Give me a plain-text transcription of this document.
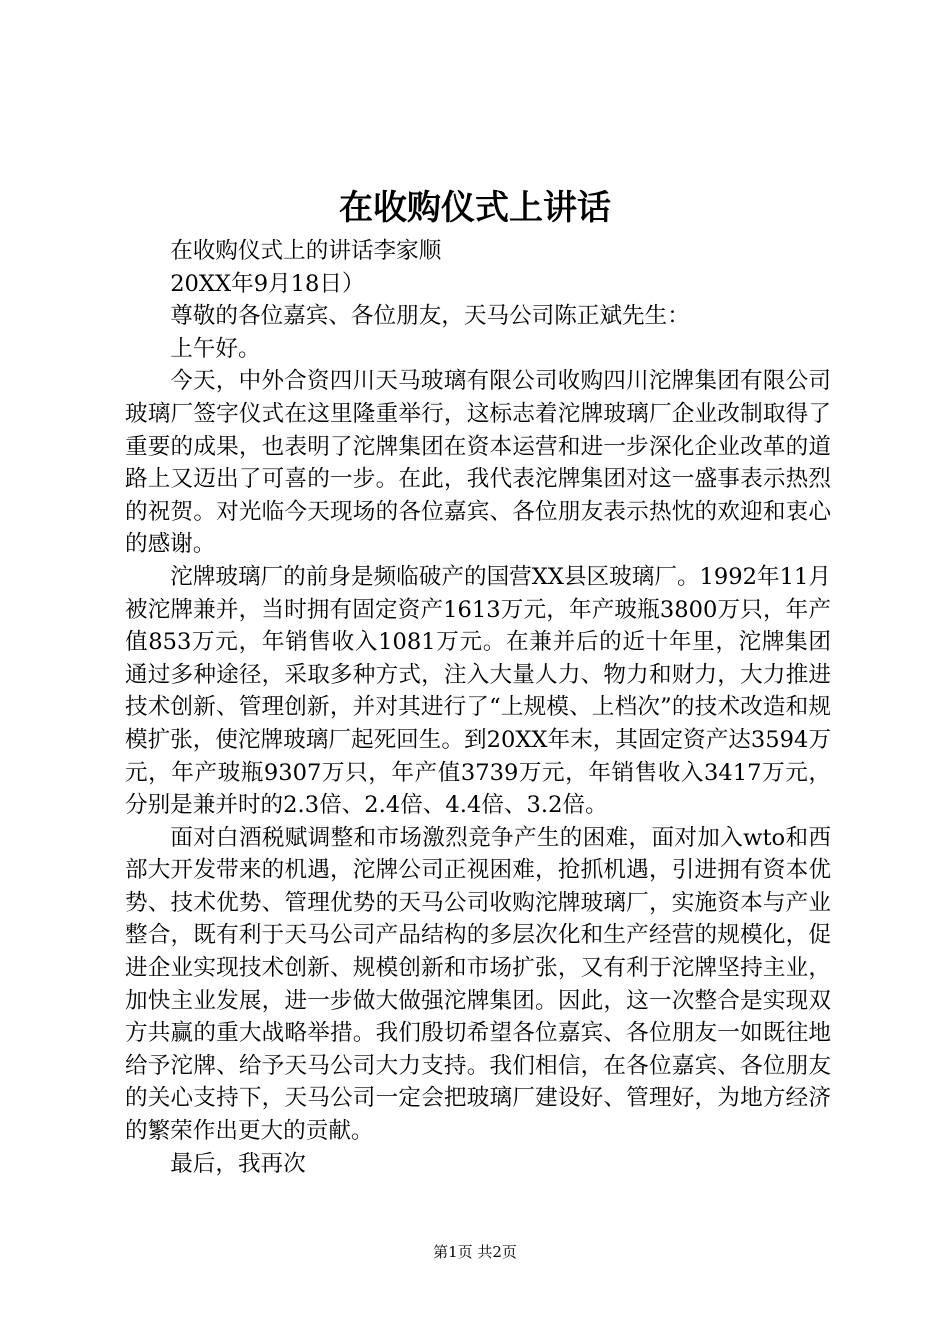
在收购仪式上讲话

在收购仪式上的讲话李家顺

20XX年9月18日）

尊敬的各位嘉宾、各位朋友，天马公司陈正斌先生：

上午好。

今天，中外合资四川天马玻璃有限公司收购四川沱牌集团有限公司玻璃厂签字仪式在这里隆重举行，这标志着沱牌玻璃厂企业改制取得了重要的成果，也表明了沱牌集团在资本运营和进一步深化企业改革的道路上又迈出了可喜的一步。在此，我代表沱牌集团对这一盛事表示热烈的祝贺。对光临今天现场的各位嘉宾、各位朋友表示热忱的欢迎和衷心的感谢。

沱牌玻璃厂的前身是频临破产的国营XX县区玻璃厂。1992年11月被沱牌兼并，当时拥有固定资产1613万元，年产玻瓶3800万只，年产值853万元，年销售收入1081万元。在兼并后的近十年里，沱牌集团通过多种途径，采取多种方式，注入大量人力、物力和财力，大力推进技术创新、管理创新，并对其进行了“上规模、上档次”的技术改造和规模扩张，使沱牌玻璃厂起死回生。到20XX年末，其固定资产达3594万元，年产玻瓶9307万只，年产值3739万元，年销售收入3417万元，分别是兼并时的2.3倍、2.4倍、4.4倍、3.2倍。

面对白酒税赋调整和市场激烈竞争产生的困难，面对加入wto和西部大开发带来的机遇，沱牌公司正视困难，抢抓机遇，引进拥有资本优势、技术优势、管理优势的天马公司收购沱牌玻璃厂，实施资本与产业整合，既有利于天马公司产品结构的多层次化和生产经营的规模化，促进企业实现技术创新、规模创新和市场扩张，又有利于沱牌坚持主业，加快主业发展，进一步做大做强沱牌集团。因此，这一次整合是实现双方共赢的重大战略举措。我们殷切希望各位嘉宾、各位朋友一如既往地给予沱牌、给予天马公司大力支持。我们相信，在各位嘉宾、各位朋友的关心支持下，天马公司一定会把玻璃厂建设好、管理好，为地方经济的繁荣作出更大的贡献。

最后，我再次

第1页 共2页
